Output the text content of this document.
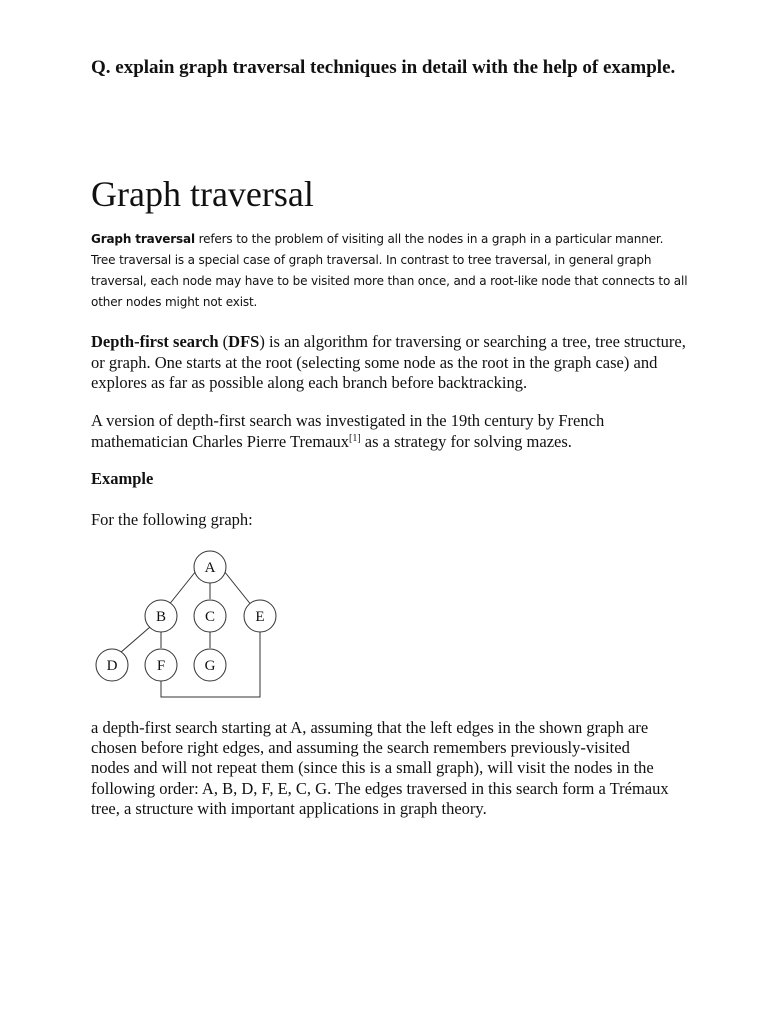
Q. explain graph traversal techniques in detail with the help of example.

Graph traversal

Graph traversal refers to the problem of visiting all the nodes in a graph in a particular manner. Tree traversal is a special case of graph traversal. In contrast to tree traversal, in general graph traversal, each node may have to be visited more than once, and a root-like node that connects to all other nodes might not exist.

Depth-first search (DFS) is an algorithm for traversing or searching a tree, tree structure, or graph. One starts at the root (selecting some node as the root in the graph case) and explores as far as possible along each branch before backtracking.

A version of depth-first search was investigated in the 19th century by French mathematician Charles Pierre Tremaux[1] as a strategy for solving mazes.

Example

For the following graph:

A
B	C	E
D	F	G

a depth-first search starting at A, assuming that the left edges in the shown graph are chosen before right edges, and assuming the search remembers previously-visited nodes and will not repeat them (since this is a small graph), will visit the nodes in the following order: A, B, D, F, E, C, G. The edges traversed in this search form a Trémaux tree, a structure with important applications in graph theory.
